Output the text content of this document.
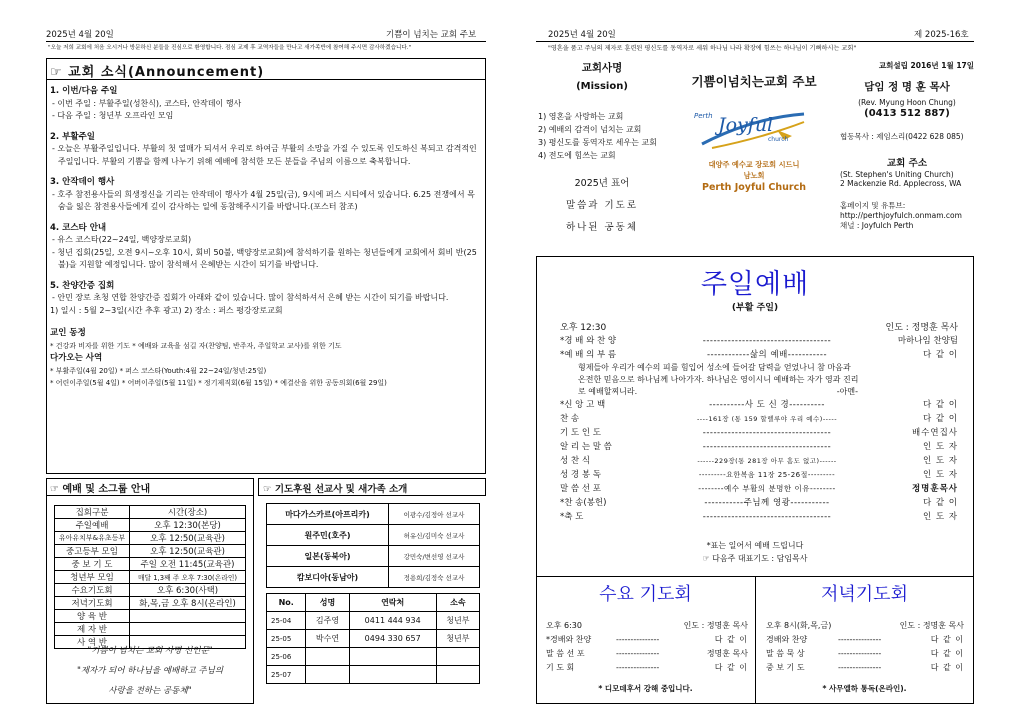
2025년 4월 20일	기쁨이 넘치는 교회 주보	2025년 4월 20일	제 2025-16호
"오늘 저희 교회에 처음 오시거나 방문하신 분들을 진심으로 환영합니다. 점심 교제 후 교역자들을 만나고 새가족반에 참여해 주시면 감사하겠습니다."	"영혼을 품고 주님의 제자로 훈련된 평신도를 동역자로 세워 하나님 나라 확장에 힘쓰는 하나님이 기뻐하시는 교회"
☞ 교회 소식(Announcement)

1. 이번/다음 주일

- 이번 주일 : 부활주일(성찬식), 코스타, 안작데이 행사

- 다음 주일 : 청년부 오프라인 모임

2. 부활주일

- 오늘은 부활주일입니다. 부활의 첫 열매가 되셔서 우리로 하여금 부활의 소망을 가질 수 있도록 인도하신 복되고 감격적인 주일입니다. 부활의 기쁨을 함께 나누기 위해 예배에 참석한 모든 분들을 주님의 이름으로 축복합니다.

3. 안작데이 행사

- 호주 참전용사들의 희생정신을 기리는 안작데이 행사가 4월 25일(금), 9시에 퍼스 시티에서 있습니다. 6.25 전쟁에서 목숨을 잃은 참전용사들에게 깊이 감사하는 일에 동참해주시기를 바랍니다.(포스터 참조)

4. 코스타 안내

- 유스 코스타(22~24일, 백양장로교회)

- 청년 집회(25일, 오전 9시~오후 10시, 회비 50불, 백양장로교회)에 참석하기를 원하는 청년들에게 교회에서 회비 반(25불)을 지원할 예정입니다. 많이 참석해서 은혜받는 시간이 되기를 바랍니다.

5. 찬양간증 집회

- 안민 장로 초청 연합 찬양간증 집회가 아래와 같이 있습니다. 많이 참석하셔서 은혜 받는 시간이 되기를 바랍니다.

1) 일시 : 5월 2~3일(시간 추후 광고) 2) 장소 : 퍼스 평강장로교회

교인 동정

* 건강과 비자를 위한 기도 * 예배와 교육을 섬길 자(찬양팀, 반주자, 주일학교 교사)를 위한 기도

다가오는 사역

* 부활주일(4월 20일) * 퍼스 코스타(Youth:4월 22~24일/청년:25일)

* 어린이주일(5월 4일) * 어버이주일(5월 11일) * 정기제직회(6월 15일) * 예결산을 위한 공동의회(6월 29일)

☞ 예배 및 소그룹 안내
집회구분	시간(장소)
주일예배	오후 12:30(본당)
유아유치부&유초등부	오후 12:50(교육관)
중고등부 모임	오후 12:50(교육관)
중 보 기 도	주일 오전 11:45(교육관)
청년부 모임	매달 1,3째 주 오후 7:30(온라인)
수요기도회	오후 6:30(사택)
저녁기도회	화,목,금 오후 8시(온라인)
양 육 반	
제 자 반	
사 역 반	
"기쁨이 넘치는 교회 사명 선언문"
"제자가 되어 하나님을 예배하고 주님의
사랑을 전하는 공동체"
☞ 기도후원 선교사 및 새가족 소개
마다가스카르(아프리카)	이광수/김정아 선교사
원주민(호주)	허유신/김미숙 선교사
일본(동북아)	강민숙/변선영 선교사
캄보디아(동남아)	정용희/김정숙 선교사
No.	성명	연락처	소속
25-04	김주영	0411 444 934	청년부
25-05	박수연	0494 330 657	청년부
25-06			
25-07			
교회사명
(Mission)
1) 영혼을 사랑하는 교회
2) 예배의 감격이 넘치는 교회
3) 평신도를 동역자로 세우는 교회
4) 전도에 힘쓰는 교회
2025년 표어
말씀과 기도로
하나된 공동체
기쁨이넘치는교회 주보
Perth Joyful
church
대양주 예수교 장로회 시드니
남노회
Perth Joyful Church
교회설립 2016년 1월 17일
담임 정 명 훈 목사
(Rev. Myung Hoon Chung)
(0413 512 887)
협동목사 : 제임스리(0422 628 085)
교회 주소
(St. Stephen's Uniting Church)
2 Mackenzie Rd. Applecross, WA
홈페이지 및 유튜브:
http://perthjoyfulch.onmam.com
채널 : Joyfulch Perth
주일예배
(부활 주일)
오후 12:30	인도 : 정명훈 목사
*경 배 와 찬 양	------------------------------------	마하나임 찬양팀
*예 배 의 부 름	------------삶의 예배-----------	다 같 이
형제들아 우리가 예수의 피를 힘입어 성소에 들어갈 담력을 얻었나니 참 마음과
온전한 믿음으로 하나님께 나아가자. 하나님은 영이시니 예배하는 자가 영과 진리
로 예배할찌니라.	-아멘-
*신 앙 고 백	----------사 도 신 경----------	다 같 이
찬 송	----161장 (통 159 할렐루야 우리 예수)-----	다 같 이
기 도 인 도	------------------------------------	배수연집사
알 리 는 말 씀	------------------------------------	인 도 자
성 찬 식	------229장(통 281장 아무 흠도 없고)------	인 도 자
성 경 봉 독	---------요한복음 11장 25-26절---------	인 도 자
말 씀 선 포	--------예수 부활의 분명한 이유--------	정명훈목사
*찬 송(봉헌)	-----------주님께 영광-----------	다 같 이
*축 도	------------------------------------	인 도 자
*표는 일어서 예배 드립니다
☞ 다음주 대표기도 : 담임목사
수요 기도회
오후 6:30	인도 : 정명훈 목사
*경배와 찬양	---------------	다 같 이
말 씀 선 포	---------------	정명훈 목사
기 도 회	---------------	다 같 이
* 디모데후서 강해 중입니다.
저녁기도회
오후 8시(화,목,금)	인도 : 정명훈 목사
경배와 찬양	---------------	다 같 이
말 씀 묵 상	---------------	다 같 이
중 보 기 도	---------------	다 같 이
* 사무엘하 통독(온라인).
